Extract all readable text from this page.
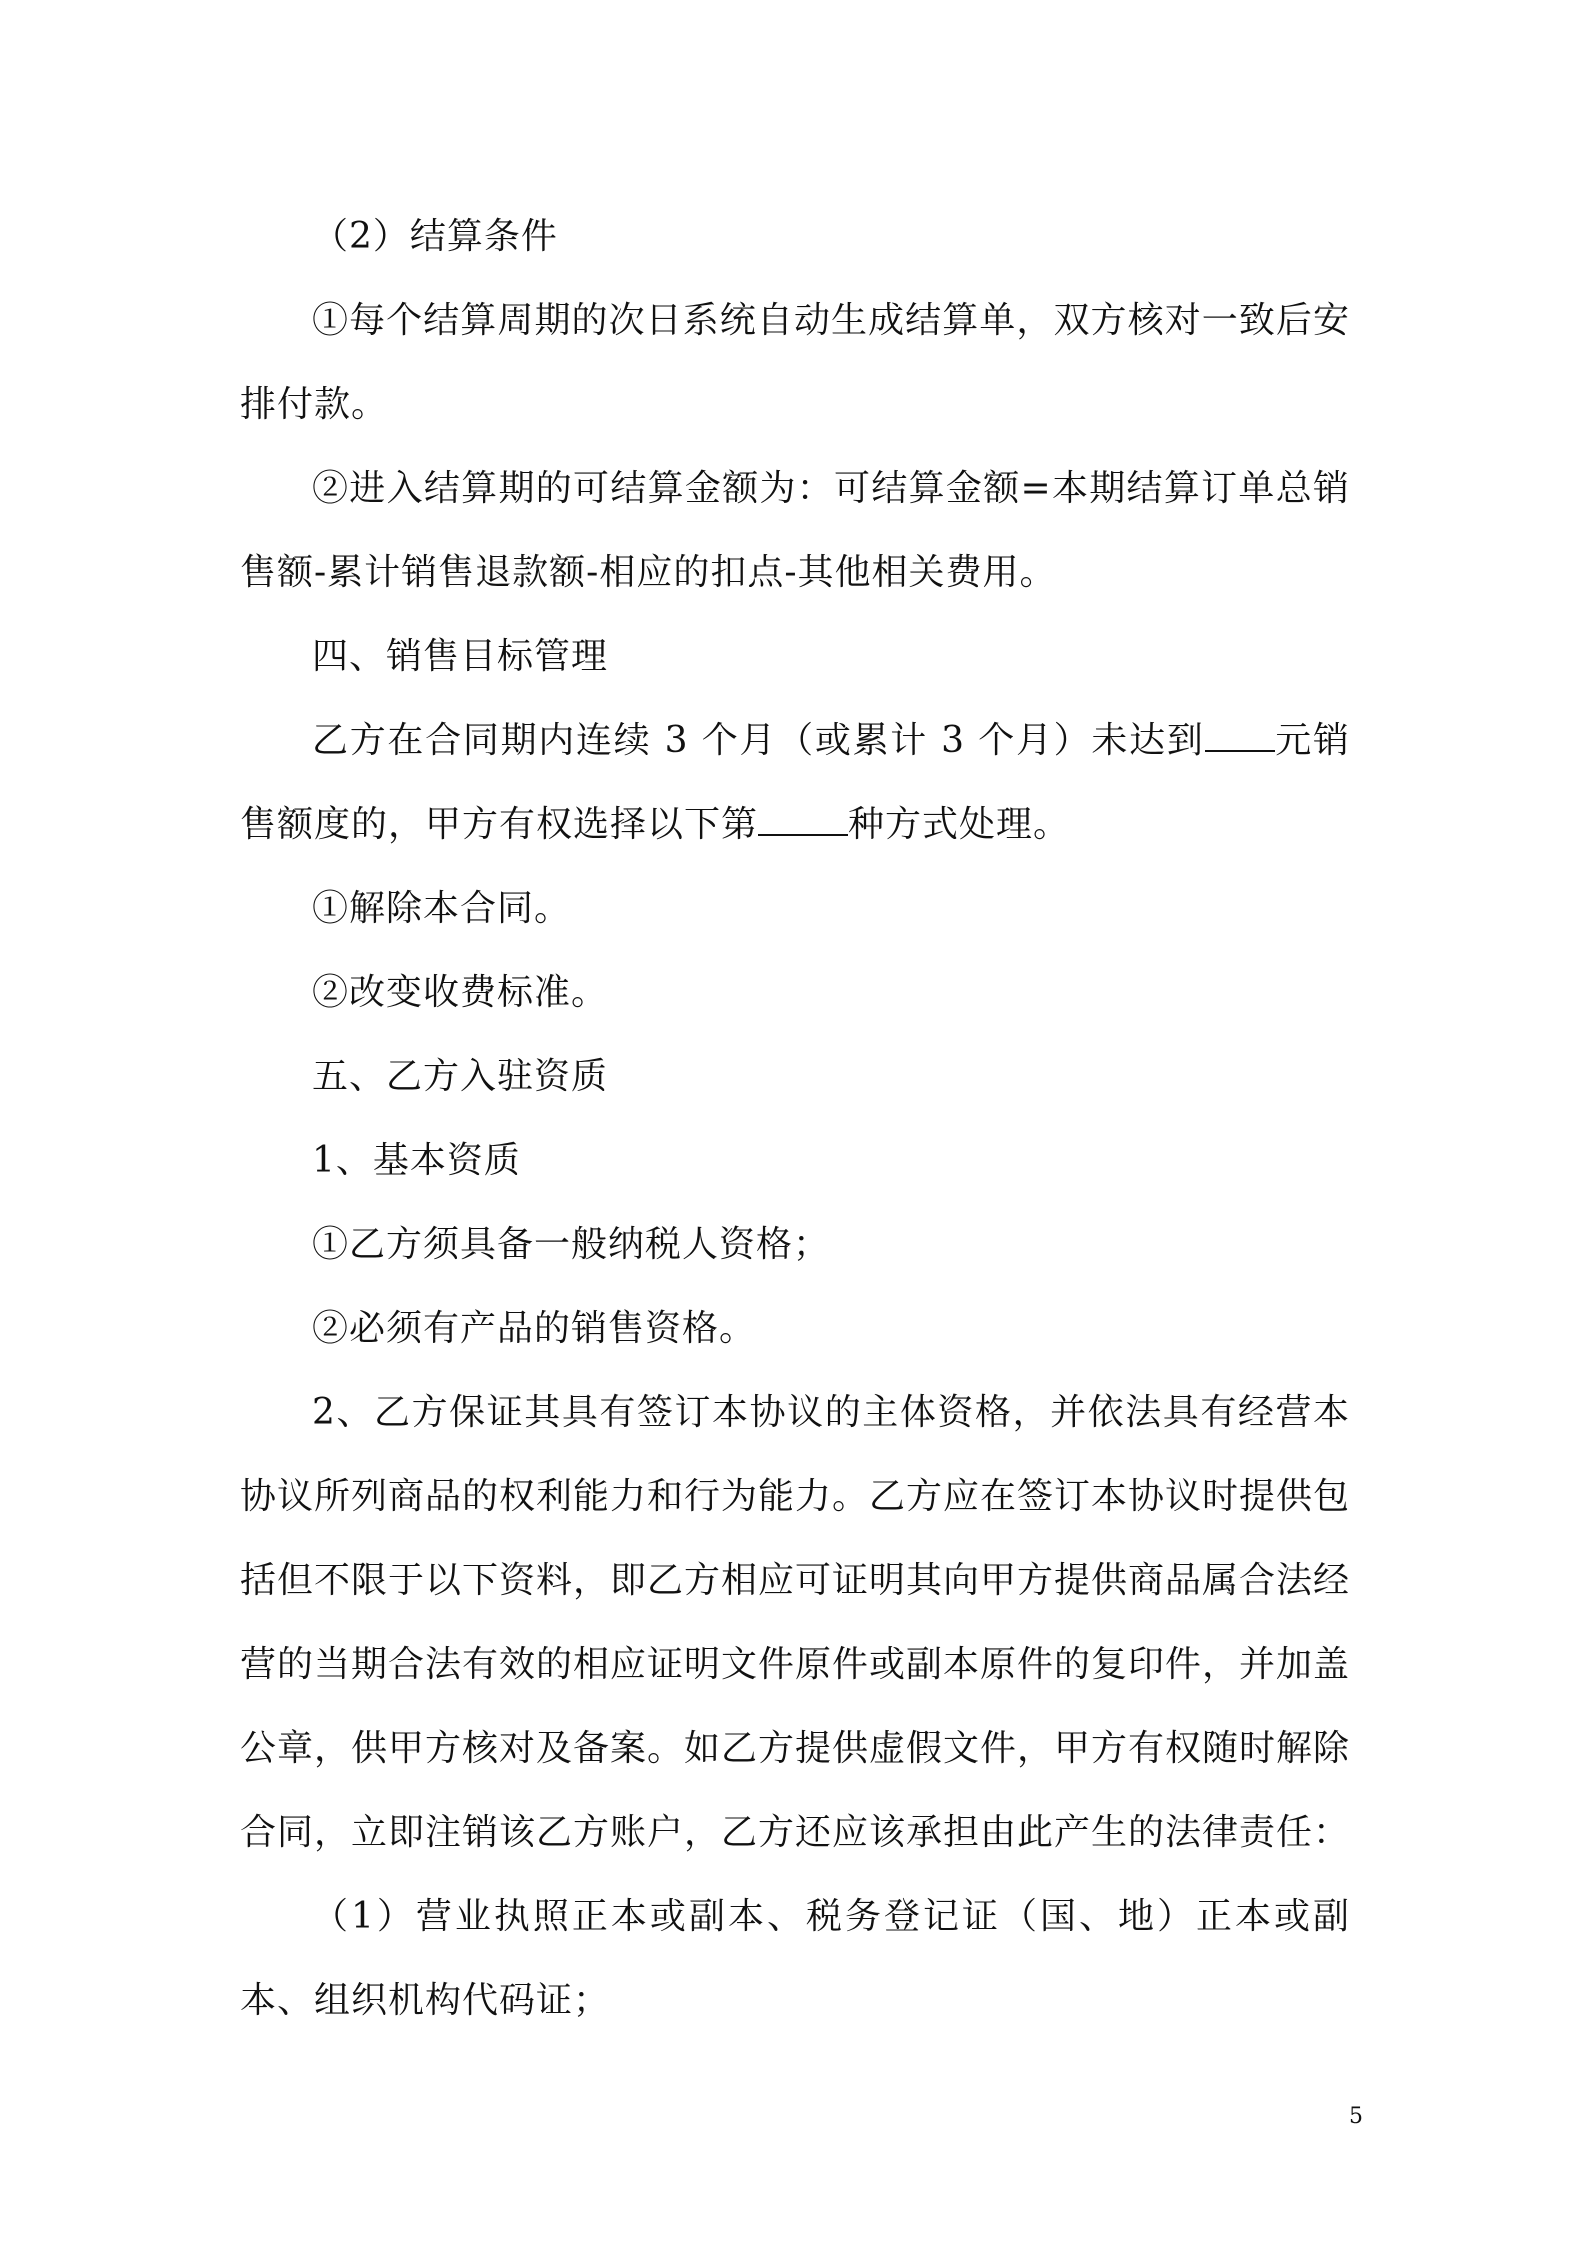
（2）结算条件

①每个结算周期的次日系统自动生成结算单，双方核对一致后安排付款。

②进入结算期的可结算金额为：可结算金额=本期结算订单总销售额-累计销售退款额-相应的扣点-其他相关费用。

四、销售目标管理

乙方在合同期内连续 3 个月（或累计 3 个月）未达到 元销售额度的，甲方有权选择以下第	种方式处理。

①解除本合同。

②改变收费标准。

五、乙方入驻资质

1、基本资质

①乙方须具备一般纳税人资格；

②必须有产品的销售资格。

2、乙方保证其具有签订本协议的主体资格，并依法具有经营本协议所列商品的权利能力和行为能力。乙方应在签订本协议时提供包括但不限于以下资料，即乙方相应可证明其向甲方提供商品属合法经营的当期合法有效的相应证明文件原件或副本原件的复印件，并加盖公章，供甲方核对及备案。如乙方提供虚假文件，甲方有权随时解除合同，立即注销该乙方账户，乙方还应该承担由此产生的法律责任：

（1）营业执照正本或副本、税务登记证（国、地）正本或副本、组织机构代码证；

5
